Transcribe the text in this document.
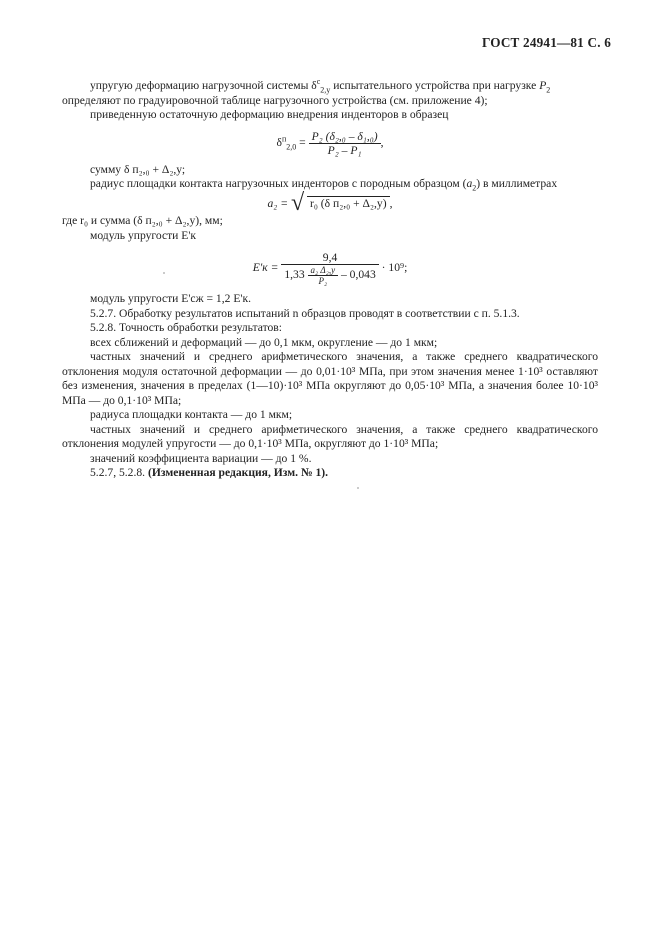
ГОСТ 24941—81 С. 6

упругую деформацию нагрузочной системы $\delta^с_{2,у}$ испытательного устройства при нагрузке $P_2$

определяют по градуировочной таблице нагрузочного устройства (см. приложение 4);

приведенную остаточную деформацию внедрения инденторов в образец

$\delta^п_{2,0} = \frac{\text{P₂ (δ₂,₀ – δ₁,₀)}}{\text{P₂ – P₁}}$ ,

сумму δ п₂,₀ + Δ₂,у;

радиус площадки контакта нагрузочных инденторов с породным образцом $(a_2)$ в миллиметрах

a₂ = √ r₀ (δ п₂,₀ + Δ₂,у) ,

где r₀ и сумма (δ п₂,₀ + Δ₂,у), мм;

модуль упругости E'к

E'к =
9,4
$1,33 \frac{\text{a₂ Δ₂,у}}{\text{P₂}} - 0,043$
· 10⁹;

модуль упругости E'сж = 1,2 E'к.

5.2.7. Обработку результатов испытаний n образцов проводят в соответствии с п. 5.1.3.

5.2.8. Точность обработки результатов:

всех сближений и деформаций — до 0,1 мкм, округление — до 1 мкм;

частных значений и среднего арифметического значения, а также среднего квадратического отклонения модуля остаточной деформации — до 0,01·10³ МПа, при этом значения менее 1·10³ оставляют без изменения, значения в пределах (1—10)·10³ МПа округляют до 0,05·10³ МПа, а значения более 10·10³ МПа — до 0,1·10³ МПа;

радиуса площадки контакта — до 1 мкм;

частных значений и среднего арифметического значения, а также среднего квадратического отклонения модулей упругости — до 0,1·10³ МПа, округляют до 1·10³ МПа;

значений коэффициента вариации — до 1 %.

5.2.7, 5.2.8. (Измененная редакция, Изм. № 1).
